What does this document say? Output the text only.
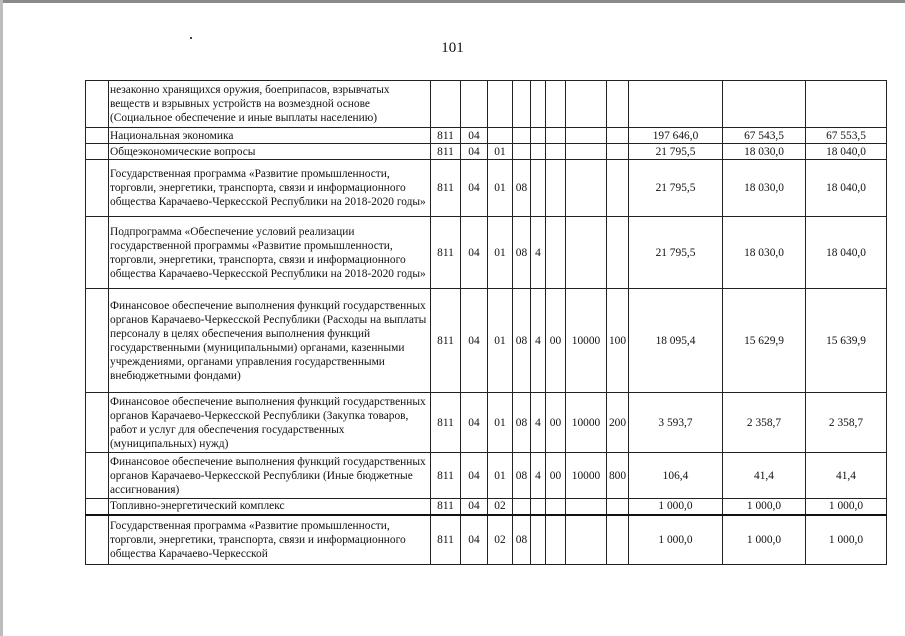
101
	незаконно хранящихся оружия, боеприпасов, взрывчатых веществ и взрывных устройств на возмездной основе (Социальное обеспечение и иные выплаты населению)											
	Национальная экономика	811	04							197 646,0	67 543,5	67 553,5
	Общеэкономические вопросы	811	04	01						21 795,5	18 030,0	18 040,0
	Государственная программа «Развитие промышленности, торговли, энергетики, транспорта, связи и информационного общества Карачаево-Черкесской Республики на 2018-2020 годы»	811	04	01	08					21 795,5	18 030,0	18 040,0
	Подпрограмма «Обеспечение условий реализации государственной программы «Развитие промышленности, торговли, энергетики, транспорта, связи и информационного общества Карачаево-Черкесской Республики на 2018-2020 годы»	811	04	01	08	4				21 795,5	18 030,0	18 040,0
	Финансовое обеспечение выполнения функций государственных органов Карачаево-Черкесской Республики (Расходы на выплаты персоналу в целях обеспечения выполнения функций государственными (муниципальными) органами, казенными учреждениями, органами управления государственными внебюджетными фондами)	811	04	01	08	4	00	10000	100	18 095,4	15 629,9	15 639,9
	Финансовое обеспечение выполнения функций государственных органов Карачаево-Черкесской Республики (Закупка товаров, работ и услуг для обеспечения государственных (муниципальных) нужд)	811	04	01	08	4	00	10000	200	3 593,7	2 358,7	2 358,7
	Финансовое обеспечение выполнения функций государственных органов Карачаево-Черкесской Республики (Иные бюджетные ассигнования)	811	04	01	08	4	00	10000	800	106,4	41,4	41,4
	Топливно-энергетический комплекс	811	04	02						1 000,0	1 000,0	1 000,0
	Государственная программа «Развитие промышленности, торговли, энергетики, транспорта, связи и информационного общества Карачаево-Черкесской	811	04	02	08					1 000,0	1 000,0	1 000,0
